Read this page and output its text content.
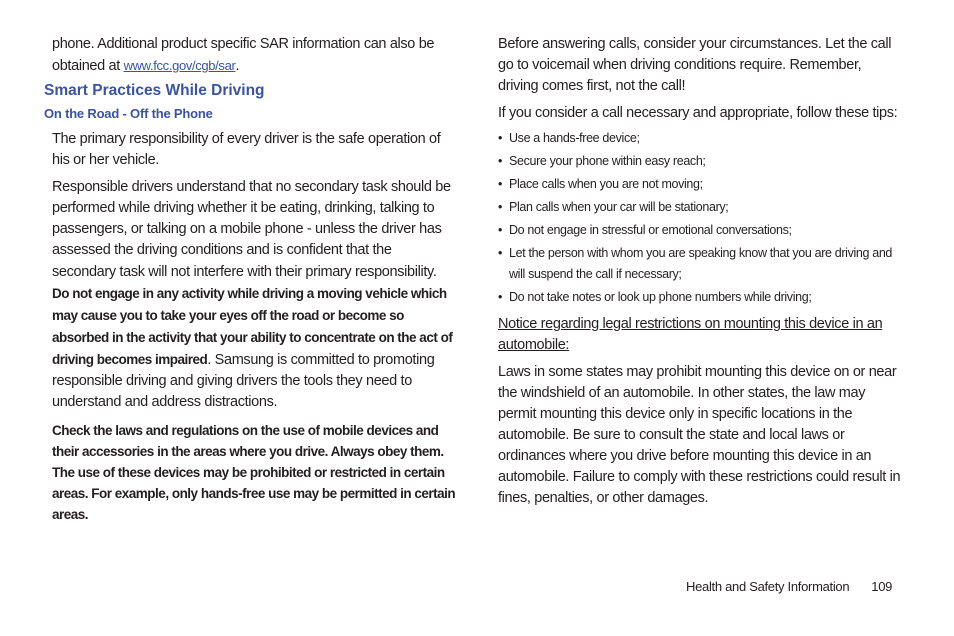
phone. Additional product specific SAR information can also be obtained at www.fcc.gov/cgb/sar.

Smart Practices While Driving
On the Road - Off the Phone

The primary responsibility of every driver is the safe operation of his or her vehicle.

Responsible drivers understand that no secondary task should be performed while driving whether it be eating, drinking, talking to passengers, or talking on a mobile phone - unless the driver has assessed the driving conditions and is confident that the secondary task will not interfere with their primary responsibility. Do not engage in any activity while driving a moving vehicle which may cause you to take your eyes off the road or become so absorbed in the activity that your ability to concentrate on the act of driving becomes impaired. Samsung is committed to promoting responsible driving and giving drivers the tools they need to understand and address distractions.

Check the laws and regulations on the use of mobile devices and their accessories in the areas where you drive. Always obey them. The use of these devices may be prohibited or restricted in certain areas. For example, only hands-free use may be permitted in certain areas.

Before answering calls, consider your circumstances. Let the call go to voicemail when driving conditions require. Remember, driving comes first, not the call!

If you consider a call necessary and appropriate, follow these tips:

• Use a hands-free device;
• Secure your phone within easy reach;
• Place calls when you are not moving;
• Plan calls when your car will be stationary;
• Do not engage in stressful or emotional conversations;
• Let the person with whom you are speaking know that you are driving and will suspend the call if necessary;
• Do not take notes or look up phone numbers while driving;

Notice regarding legal restrictions on mounting this device in an automobile:

Laws in some states may prohibit mounting this device on or near the windshield of an automobile. In other states, the law may permit mounting this device only in specific locations in the automobile. Be sure to consult the state and local laws or ordinances where you drive before mounting this device in an automobile. Failure to comply with these restrictions could result in fines, penalties, or other damages.

Health and Safety Information 109
